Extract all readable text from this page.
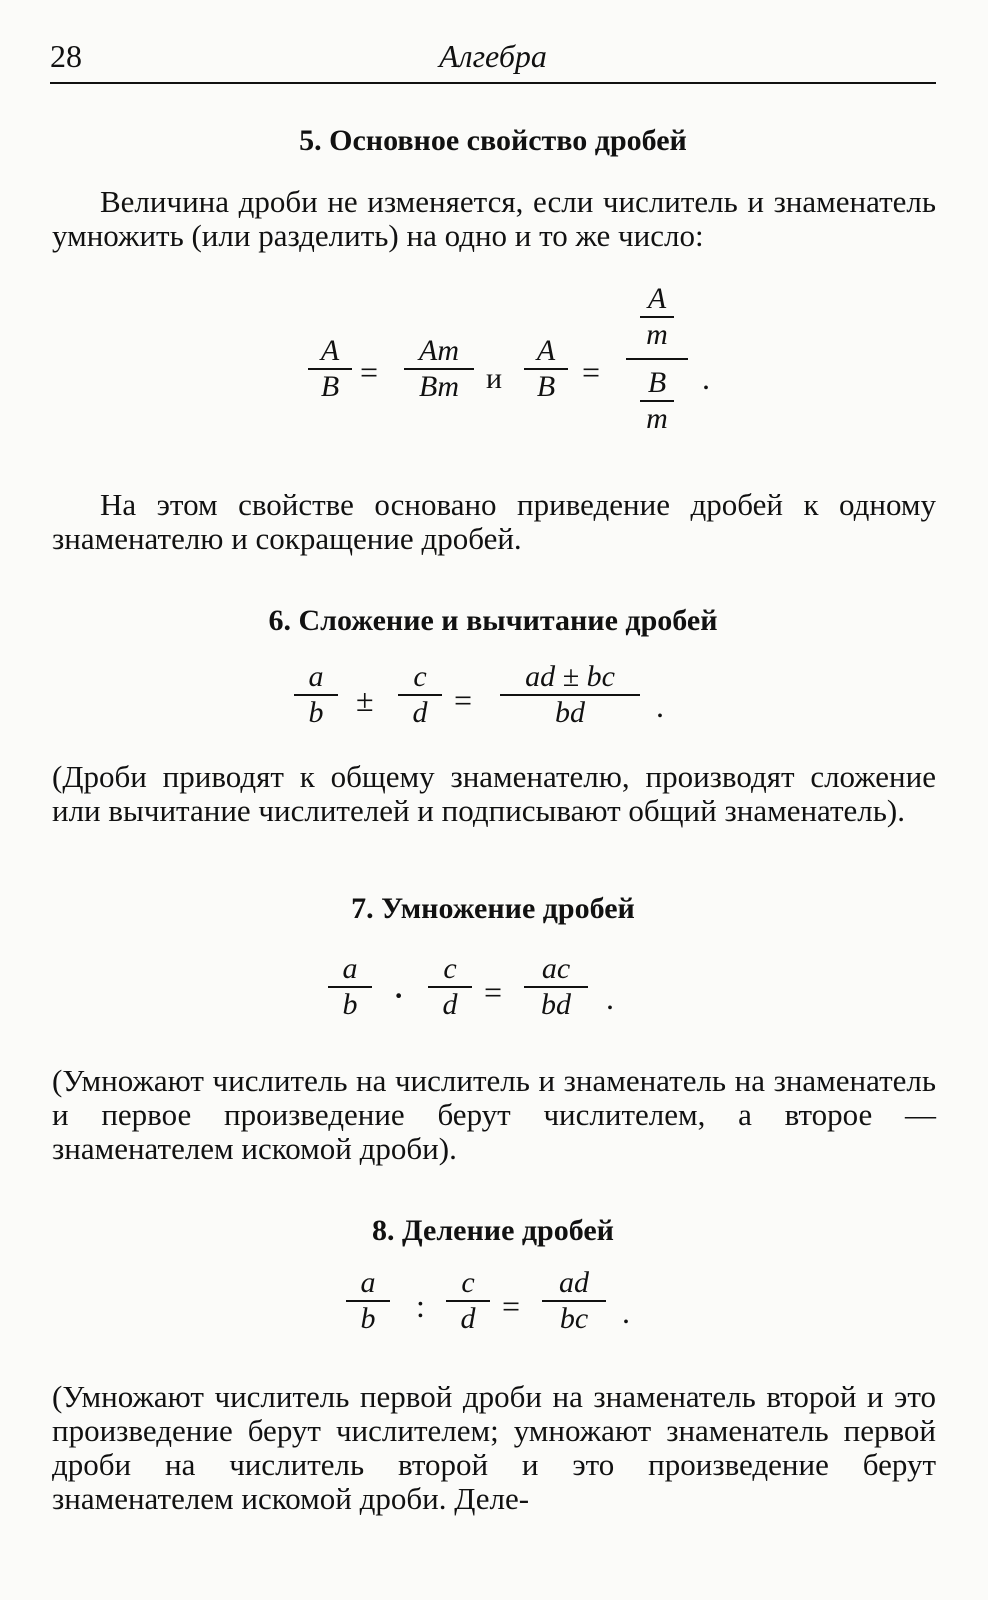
28	Алгебра
5. Основное свойство дробей
Величина дроби не изменяется, если числитель и знаменатель умножить (или разделить) на одно и то же число:
A
B =
Am
Bm и
A
B =
A
m
B
m
.
На этом свойстве основано приведение дробей к одному знаменателю и сокращение дробей.
6. Сложение и вычитание дробей
a
b	±
c
d =
ad ± bc
bd	.
(Дроби приводят к общему знаменателю, производят сложение или вычитание числителей и подписывают общий знаменатель).
7. Умножение дробей
a
b ·
c
d =
ac
bd	.
(Умножают числитель на числитель и знаменатель на знаменатель и первое произведение берут числителем, а второе — знаменателем искомой дроби).
8. Деление дробей
a
b	:
c
d =
ad
bc	.
(Умножают числитель первой дроби на знаменатель второй и это произведение берут числителем; умножают знаменатель первой дроби на числитель второй и это произведение берут знаменателем искомой дроби. Деле-
